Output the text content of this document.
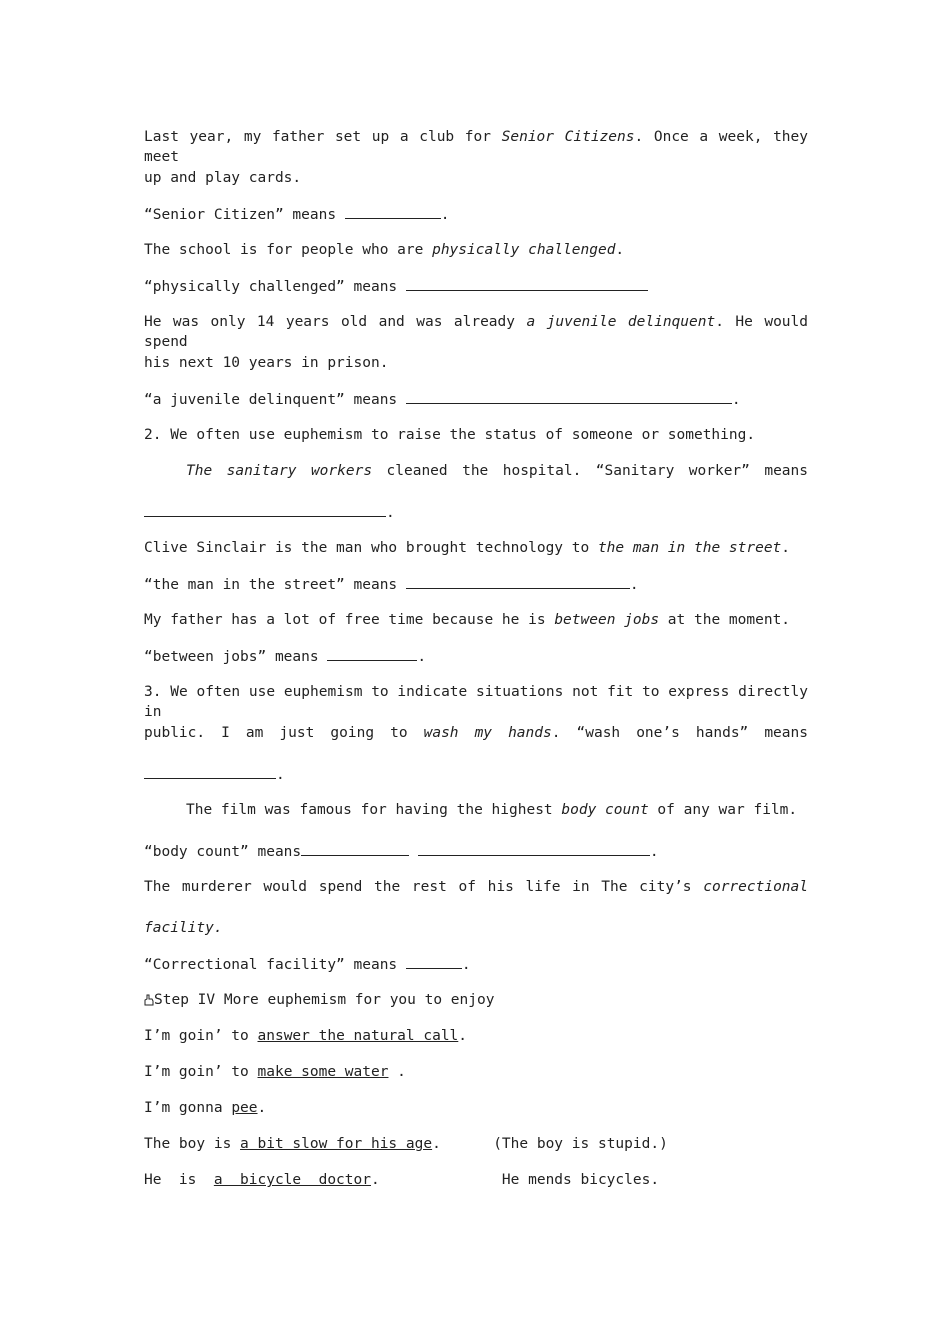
Last year, my father set up a club for Senior Citizens. Once a week, they meet
up and play cards.
“Senior Citizen” means	.
The school is for people who are physically challenged.
“physically challenged” means
He was only 14 years old and was already a juvenile delinquent. He would spend
his next 10 years in prison.
“a juvenile delinquent” means	.
2. We often use euphemism to raise the status of someone or something.
The sanitary workers cleaned the hospital. “Sanitary worker” means
.
Clive Sinclair is the man who brought technology to the man in the street.
“the man in the street” means	.
My father has a lot of free time because he is between jobs at the moment.
“between jobs” means	.
3. We often use euphemism to indicate situations not fit to express directly in
public. I am just going to wash my hands. “wash one’s hands” means
.
The film was famous for having the highest body count of any war film.
“body count” means	.
The murderer would spend the rest of his life in The city’s correctional
facility.
“Correctional facility” means	.
Step IV More euphemism for you to enjoy
I’m goin’ to answer the natural call.
I’m goin’ to make some water .
I’m gonna pee.
The boy is a bit slow for his age.      (The boy is stupid.)
He  is  a  bicycle  doctor.              He mends bicycles.
